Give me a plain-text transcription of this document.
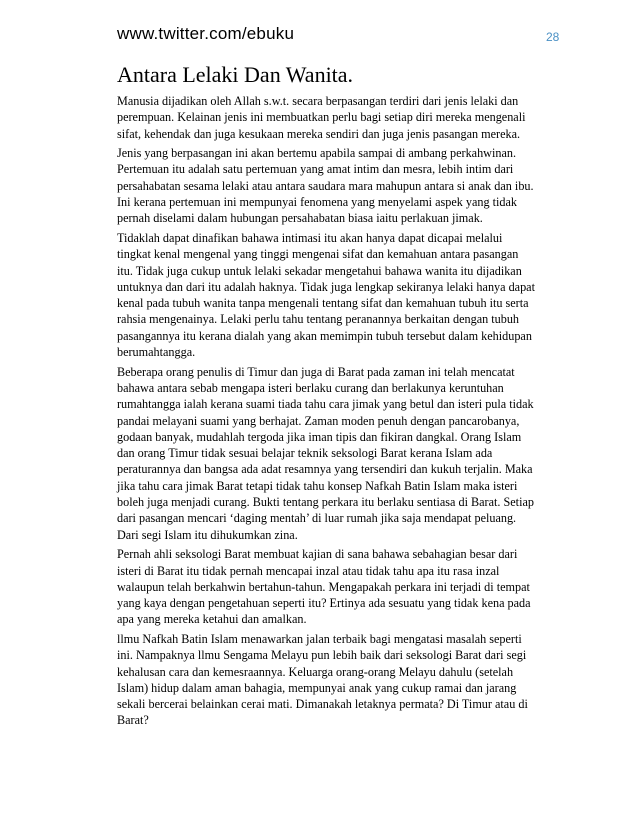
www.twitter.com/ebuku	28
Antara Lelaki Dan Wanita.

Manusia dijadikan oleh Allah s.w.t. secara berpasangan terdiri dari jenis lelaki dan perempuan. Kelainan jenis ini membuatkan perlu bagi setiap diri mereka mengenali sifat, kehendak dan juga kesukaan mereka sendiri dan juga jenis pasangan mereka.

Jenis yang berpasangan ini akan bertemu apabila sampai di ambang perkahwinan. Pertemuan itu adalah satu pertemuan yang amat intim dan mesra, lebih intim dari persahabatan sesama lelaki atau antara saudara mara mahupun antara si anak dan ibu. Ini kerana pertemuan ini mempunyai fenomena yang menyelami aspek yang tidak pernah diselami dalam hubungan persahabatan biasa iaitu perlakuan jimak.

Tidaklah dapat dinafikan bahawa intimasi itu akan hanya dapat dicapai melalui tingkat kenal mengenal yang tinggi mengenai sifat dan kemahuan antara pasangan itu. Tidak juga cukup untuk lelaki sekadar mengetahui bahawa wanita itu dijadikan untuknya dan dari itu adalah haknya. Tidak juga lengkap sekiranya lelaki hanya dapat kenal pada tubuh wanita tanpa mengenali tentang sifat dan kemahuan tubuh itu serta rahsia mengenainya. Lelaki perlu tahu tentang peranannya berkaitan dengan tubuh pasangannya itu kerana dialah yang akan memimpin tubuh tersebut dalam kehidupan berumahtangga.

Beberapa orang penulis di Timur dan juga di Barat pada zaman ini telah mencatat bahawa antara sebab mengapa isteri berlaku curang dan berlakunya keruntuhan rumahtangga ialah kerana suami tiada tahu cara jimak yang betul dan isteri pula tidak pandai melayani suami yang berhajat. Zaman moden penuh dengan pancarobanya, godaan banyak, mudahlah tergoda jika iman tipis dan fikiran dangkal. Orang Islam dan orang Timur tidak sesuai belajar teknik seksologi Barat kerana Islam ada peraturannya dan bangsa ada adat resamnya yang tersendiri dan kukuh terjalin. Maka jika tahu cara jimak Barat tetapi tidak tahu konsep Nafkah Batin Islam maka isteri boleh juga menjadi curang. Bukti tentang perkara itu berlaku sentiasa di Barat. Setiap dari pasangan mencari ‘daging mentah’ di luar rumah jika saja mendapat peluang. Dari segi Islam itu dihukumkan zina.

Pernah ahli seksologi Barat membuat kajian di sana bahawa sebahagian besar dari isteri di Barat itu tidak pernah mencapai inzal atau tidak tahu apa itu rasa inzal walaupun telah berkahwin bertahun-tahun. Mengapakah perkara ini terjadi di tempat yang kaya dengan pengetahuan seperti itu? Ertinya ada sesuatu yang tidak kena pada apa yang mereka ketahui dan amalkan.

llmu Nafkah Batin Islam menawarkan jalan terbaik bagi mengatasi masalah seperti ini. Nampaknya llmu Sengama Melayu pun lebih baik dari seksologi Barat dari segi kehalusan cara dan kemesraannya. Keluarga orang-orang Melayu dahulu (setelah Islam) hidup dalam aman bahagia, mempunyai anak yang cukup ramai dan jarang sekali bercerai belainkan cerai mati. Dimanakah letaknya permata? Di Timur atau di Barat?
